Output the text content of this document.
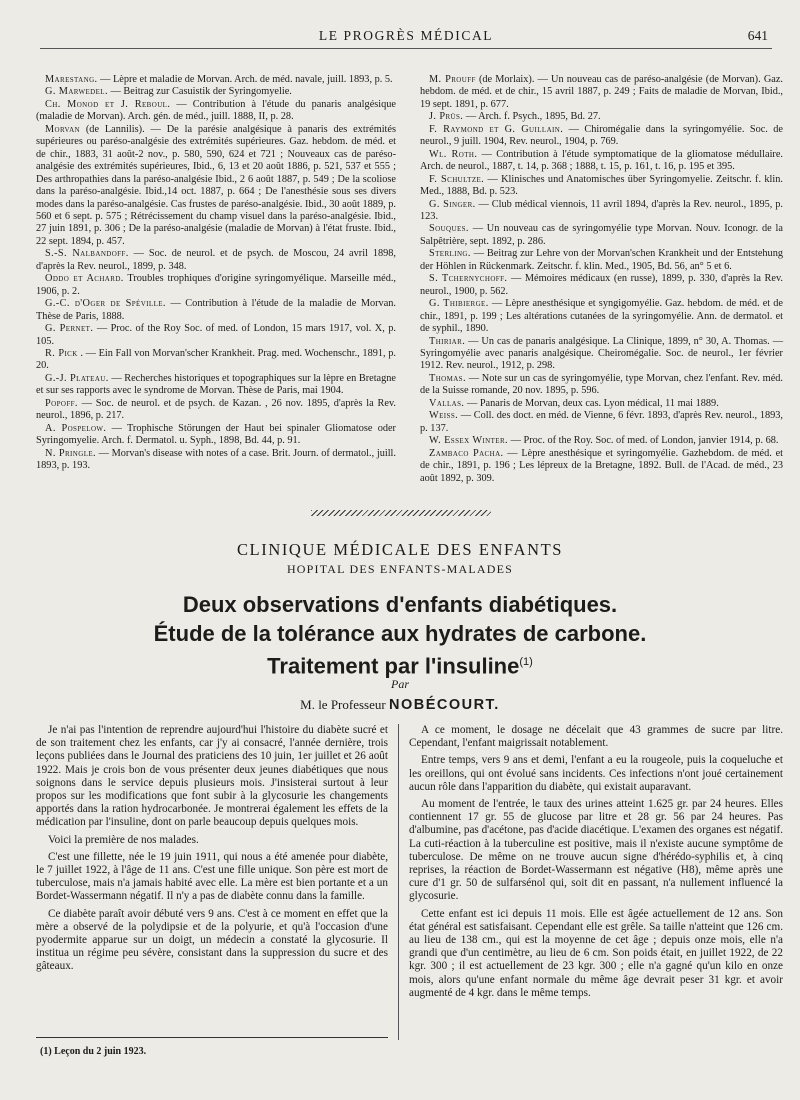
LE PROGRÈS MÉDICAL	641

Marestang. — Lèpre et maladie de Morvan. Arch. de méd. navale, juill. 1893, p. 5.

G. Marwedel. — Beitrag zur Casuistik der Syringomyelie.

Ch. Monod et J. Reboul. — Contribution à l'étude du panaris analgésique (maladie de Morvan). Arch. gén. de méd., juill. 1888, II, p. 28.

Morvan (de Lannilis). — De la parésie analgésique à panaris des extrémités supérieures ou paréso-analgésie des extrémités supérieures. Gaz. hebdom. de méd. et de chir., 1883, 31 août-2 nov., p. 580, 590, 624 et 721 ; Nouveaux cas de paréso-analgésie des extrémités supérieures, Ibid., 6, 13 et 20 août 1886, p. 521, 537 et 555 ; Des arthropathies dans la paréso-analgésie Ibid., 2 6 août 1887, p. 549 ; De la scoliose dans la paréso-analgésie. Ibid.,14 oct. 1887, p. 664 ; De l'anesthésie sous ses divers modes dans la paréso-analgésie. Cas frustes de paréso-analgésie. Ibid., 30 août 1889, p. 560 et 6 sept. p. 575 ; Rétrécissement du champ visuel dans la paréso-analgésie. Ibid., 27 juin 1891, p. 306 ; De la paréso-analgésie (maladie de Morvan) à l'état fruste. Ibid., 22 sept. 1894, p. 457.

S.-S. Nalbandoff. — Soc. de neurol. et de psych. de Moscou, 24 avril 1898, d'après la Rev. neurol., 1899, p. 348.

Oddo et Achard. Troubles trophiques d'origine syringomyélique. Marseille méd., 1906, p. 2.

G.-C. d'Oger de Spéville. — Contribution à l'étude de la maladie de Morvan. Thèse de Paris, 1888.

G. Pernet. — Proc. of the Roy Soc. of med. of London, 15 mars 1917, vol. X, p. 105.

R. Pick . — Ein Fall von Morvan'scher Krankheit. Prag. med. Wochenschr., 1891, p. 20.

G.-J. Plateau. — Recherches historiques et topographiques sur la lèpre en Bretagne et sur ses rapports avec le syndrome de Morvan. Thèse de Paris, mai 1904.

Popoff. — Soc. de neurol. et de psych. de Kazan. , 26 nov. 1895, d'après la Rev. neurol., 1896, p. 217.

A. Pospelow. — Trophische Störungen der Haut bei spinaler Gliomatose oder Syringomyelie. Arch. f. Dermatol. u. Syph., 1898, Bd. 44, p. 91.

N. Pringle. — Morvan's disease with notes of a case. Brit. Journ. of dermatol., juill. 1893, p. 193.

M. Prouff (de Morlaix). — Un nouveau cas de paréso-analgésie (de Morvan). Gaz. hebdom. de méd. et de chir., 15 avril 1887, p. 249 ; Faits de maladie de Morvan, Ibid., 19 sept. 1891, p. 677.

J. Prüs. — Arch. f. Psych., 1895, Bd. 27.

F. Raymond et G. Guillain. — Chiromégalie dans la syringomyélie. Soc. de neurol., 9 juill. 1904, Rev. neurol., 1904, p. 769.

Wl. Roth. — Contribution à l'étude symptomatique de la gliomatose médullaire. Arch. de neurol., 1887, t. 14, p. 368 ; 1888, t. 15, p. 161, t. 16, p. 195 et 395.

F. Schultze. — Klinisches und Anatomisches über Syringomyelie. Zeitschr. f. klin. Med., 1888, Bd. p. 523.

G. Singer. — Club médical viennois, 11 avril 1894, d'après la Rev. neurol., 1895, p. 123.

Souques. — Un nouveau cas de syringomyélie type Morvan. Nouv. Iconogr. de la Salpêtrière, sept. 1892, p. 286.

Sterling. — Beitrag zur Lehre von der Morvan'schen Krankheit und der Entstehung der Höhlen in Rückenmark. Zeitschr. f. klin. Med., 1905, Bd. 56, an° 5 et 6.

S. Tchernychoff. — Mémoires médicaux (en russe), 1899, p. 330, d'après la Rev. neurol., 1900, p. 562.

G. Thibierge. — Lèpre anesthésique et syngigomyélie. Gaz. hebdom. de méd. et de chir., 1891, p. 199 ; Les altérations cutanées de la syringomyélie. Ann. de dermatol. et de syphil., 1890.

Thiriar. — Un cas de panaris analgésique. La Clinique, 1899, n° 30, A. Thomas. — Syringomyélie avec panaris analgésique. Cheiromégalie. Soc. de neurol., 1er février 1912. Rev. neurol., 1912, p. 298.

Thomas. — Note sur un cas de syringomyélie, type Morvan, chez l'enfant. Rev. méd. de la Suisse romande, 20 nov. 1895, p. 596.

Vallas. — Panaris de Morvan, deux cas. Lyon médical, 11 mai 1889.

Weiss. — Coll. des doct. en méd. de Vienne, 6 févr. 1893, d'après Rev. neurol., 1893, p. 137.

W. Essex Winter. — Proc. of the Roy. Soc. of med. of London, janvier 1914, p. 68.

Zambaco Pacha. — Lèpre anesthésique et syringomyélie. Gazhebdom. de méd. et de chir., 1891, p. 196 ; Les lépreux de la Bretagne, 1892. Bull. de l'Acad. de méd., 23 août 1892, p. 309.

CLINIQUE MÉDICALE DES ENFANTS
HOPITAL DES ENFANTS-MALADES
Deux observations d'enfants diabétiques.
Étude de la tolérance aux hydrates de carbone.
Traitement par l'insuline$^{(1)}$

Par

M. le Professeur NOBÉCOURT.

Je n'ai pas l'intention de reprendre aujourd'hui l'histoire du diabète sucré et de son traitement chez les enfants, car j'y ai consacré, l'année dernière, trois leçons publiées dans le Journal des praticiens des 10 juin, 1er juillet et 26 août 1922. Mais je crois bon de vous présenter deux jeunes diabétiques que nous soignons dans le service depuis plusieurs mois. J'insisterai surtout à leur propos sur les modifications que font subir à la glycosurie les changements apportés dans la ration hydrocarbonée. Je montrerai également les effets de la médication par l'insuline, dont on parle beaucoup depuis quelques mois.

Voici la première de nos malades.

C'est une fillette, née le 19 juin 1911, qui nous a été amenée pour diabète, le 7 juillet 1922, à l'âge de 11 ans. C'est une fille unique. Son père est mort de tuberculose, mais n'a jamais habité avec elle. La mère est bien portante et a un Bordet-Wassermann négatif. Il n'y a pas de diabète connu dans la famille.

Ce diabète paraît avoir débuté vers 9 ans. C'est à ce moment en effet que la mère a observé de la polydipsie et de la polyurie, et qu'à l'occasion d'une pyodermite apparue sur un doigt, un médecin a constaté la glycosurie. Il institua un régime peu sévère, consistant dans la suppression du sucre et des gâteaux.

A ce moment, le dosage ne décelait que 43 grammes de sucre par litre. Cependant, l'enfant maigrissait notablement.

Entre temps, vers 9 ans et demi, l'enfant a eu la rougeole, puis la coqueluche et les oreillons, qui ont évolué sans incidents. Ces infections n'ont joué certainement aucun rôle dans l'apparition du diabète, qui existait auparavant.

Au moment de l'entrée, le taux des urines atteint 1.625 gr. par 24 heures. Elles contiennent 17 gr. 55 de glucose par litre et 28 gr. 56 par 24 heures. Pas d'albumine, pas d'acétone, pas d'acide diacétique. L'examen des organes est négatif. La cuti-réaction à la tuberculine est positive, mais il n'existe aucune symptôme de tuberculose. De même on ne trouve aucun signe d'hérédo-syphilis et, à cinq reprises, la réaction de Bordet-Wassermann est négative (H8), même après une cure d'1 gr. 50 de sulfarsénol qui, soit dit en passant, n'a nullement influencé la glycosurie.

Cette enfant est ici depuis 11 mois. Elle est âgée actuellement de 12 ans. Son état général est satisfaisant. Cependant elle est grêle. Sa taille n'atteint que 126 cm. au lieu de 138 cm., qui est la moyenne de cet âge ; depuis onze mois, elle n'a grandi que d'un centimètre, au lieu de 6 cm. Son poids était, en juillet 1922, de 22 kgr. 300 ; il est actuellement de 23 kgr. 300 ; elle n'a gagné qu'un kilo en onze mois, alors qu'une enfant normale du même âge devrait peser 31 kgr. et avoir augmenté de 4 kgr. dans le même temps.

(1) Leçon du 2 juin 1923.
